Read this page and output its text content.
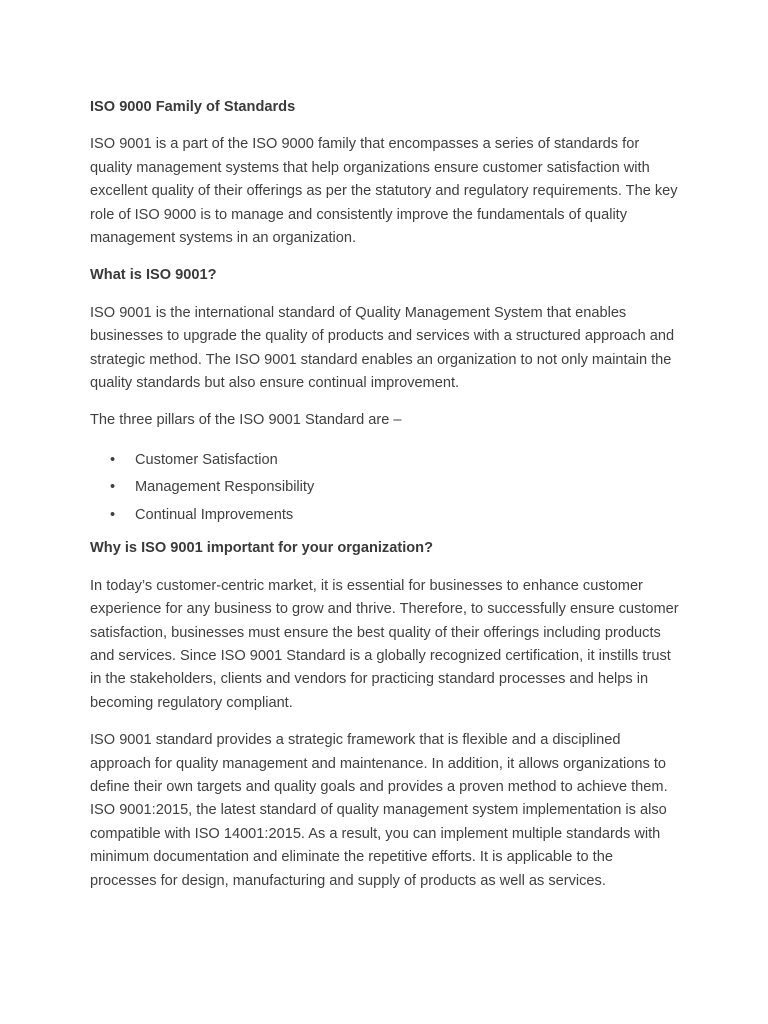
ISO 9000 Family of Standards

ISO 9001 is a part of the ISO 9000 family that encompasses a series of standards for quality management systems that help organizations ensure customer satisfaction with excellent quality of their offerings as per the statutory and regulatory requirements. The key role of ISO 9000 is to manage and consistently improve the fundamentals of quality management systems in an organization.

What is ISO 9001?

ISO 9001 is the international standard of Quality Management System that enables businesses to upgrade the quality of products and services with a structured approach and strategic method. The ISO 9001 standard enables an organization to not only maintain the quality standards but also ensure continual improvement.

The three pillars of the ISO 9001 Standard are –

• Customer Satisfaction
• Management Responsibility
• Continual Improvements

Why is ISO 9001 important for your organization?

In today’s customer-centric market, it is essential for businesses to enhance customer experience for any business to grow and thrive. Therefore, to successfully ensure customer satisfaction, businesses must ensure the best quality of their offerings including products and services. Since ISO 9001 Standard is a globally recognized certification, it instills trust in the stakeholders, clients and vendors for practicing standard processes and helps in becoming regulatory compliant.

ISO 9001 standard provides a strategic framework that is flexible and a disciplined approach for quality management and maintenance. In addition, it allows organizations to define their own targets and quality goals and provides a proven method to achieve them. ISO 9001:2015, the latest standard of quality management system implementation is also compatible with ISO 14001:2015. As a result, you can implement multiple standards with minimum documentation and eliminate the repetitive efforts. It is applicable to the processes for design, manufacturing and supply of products as well as services.
